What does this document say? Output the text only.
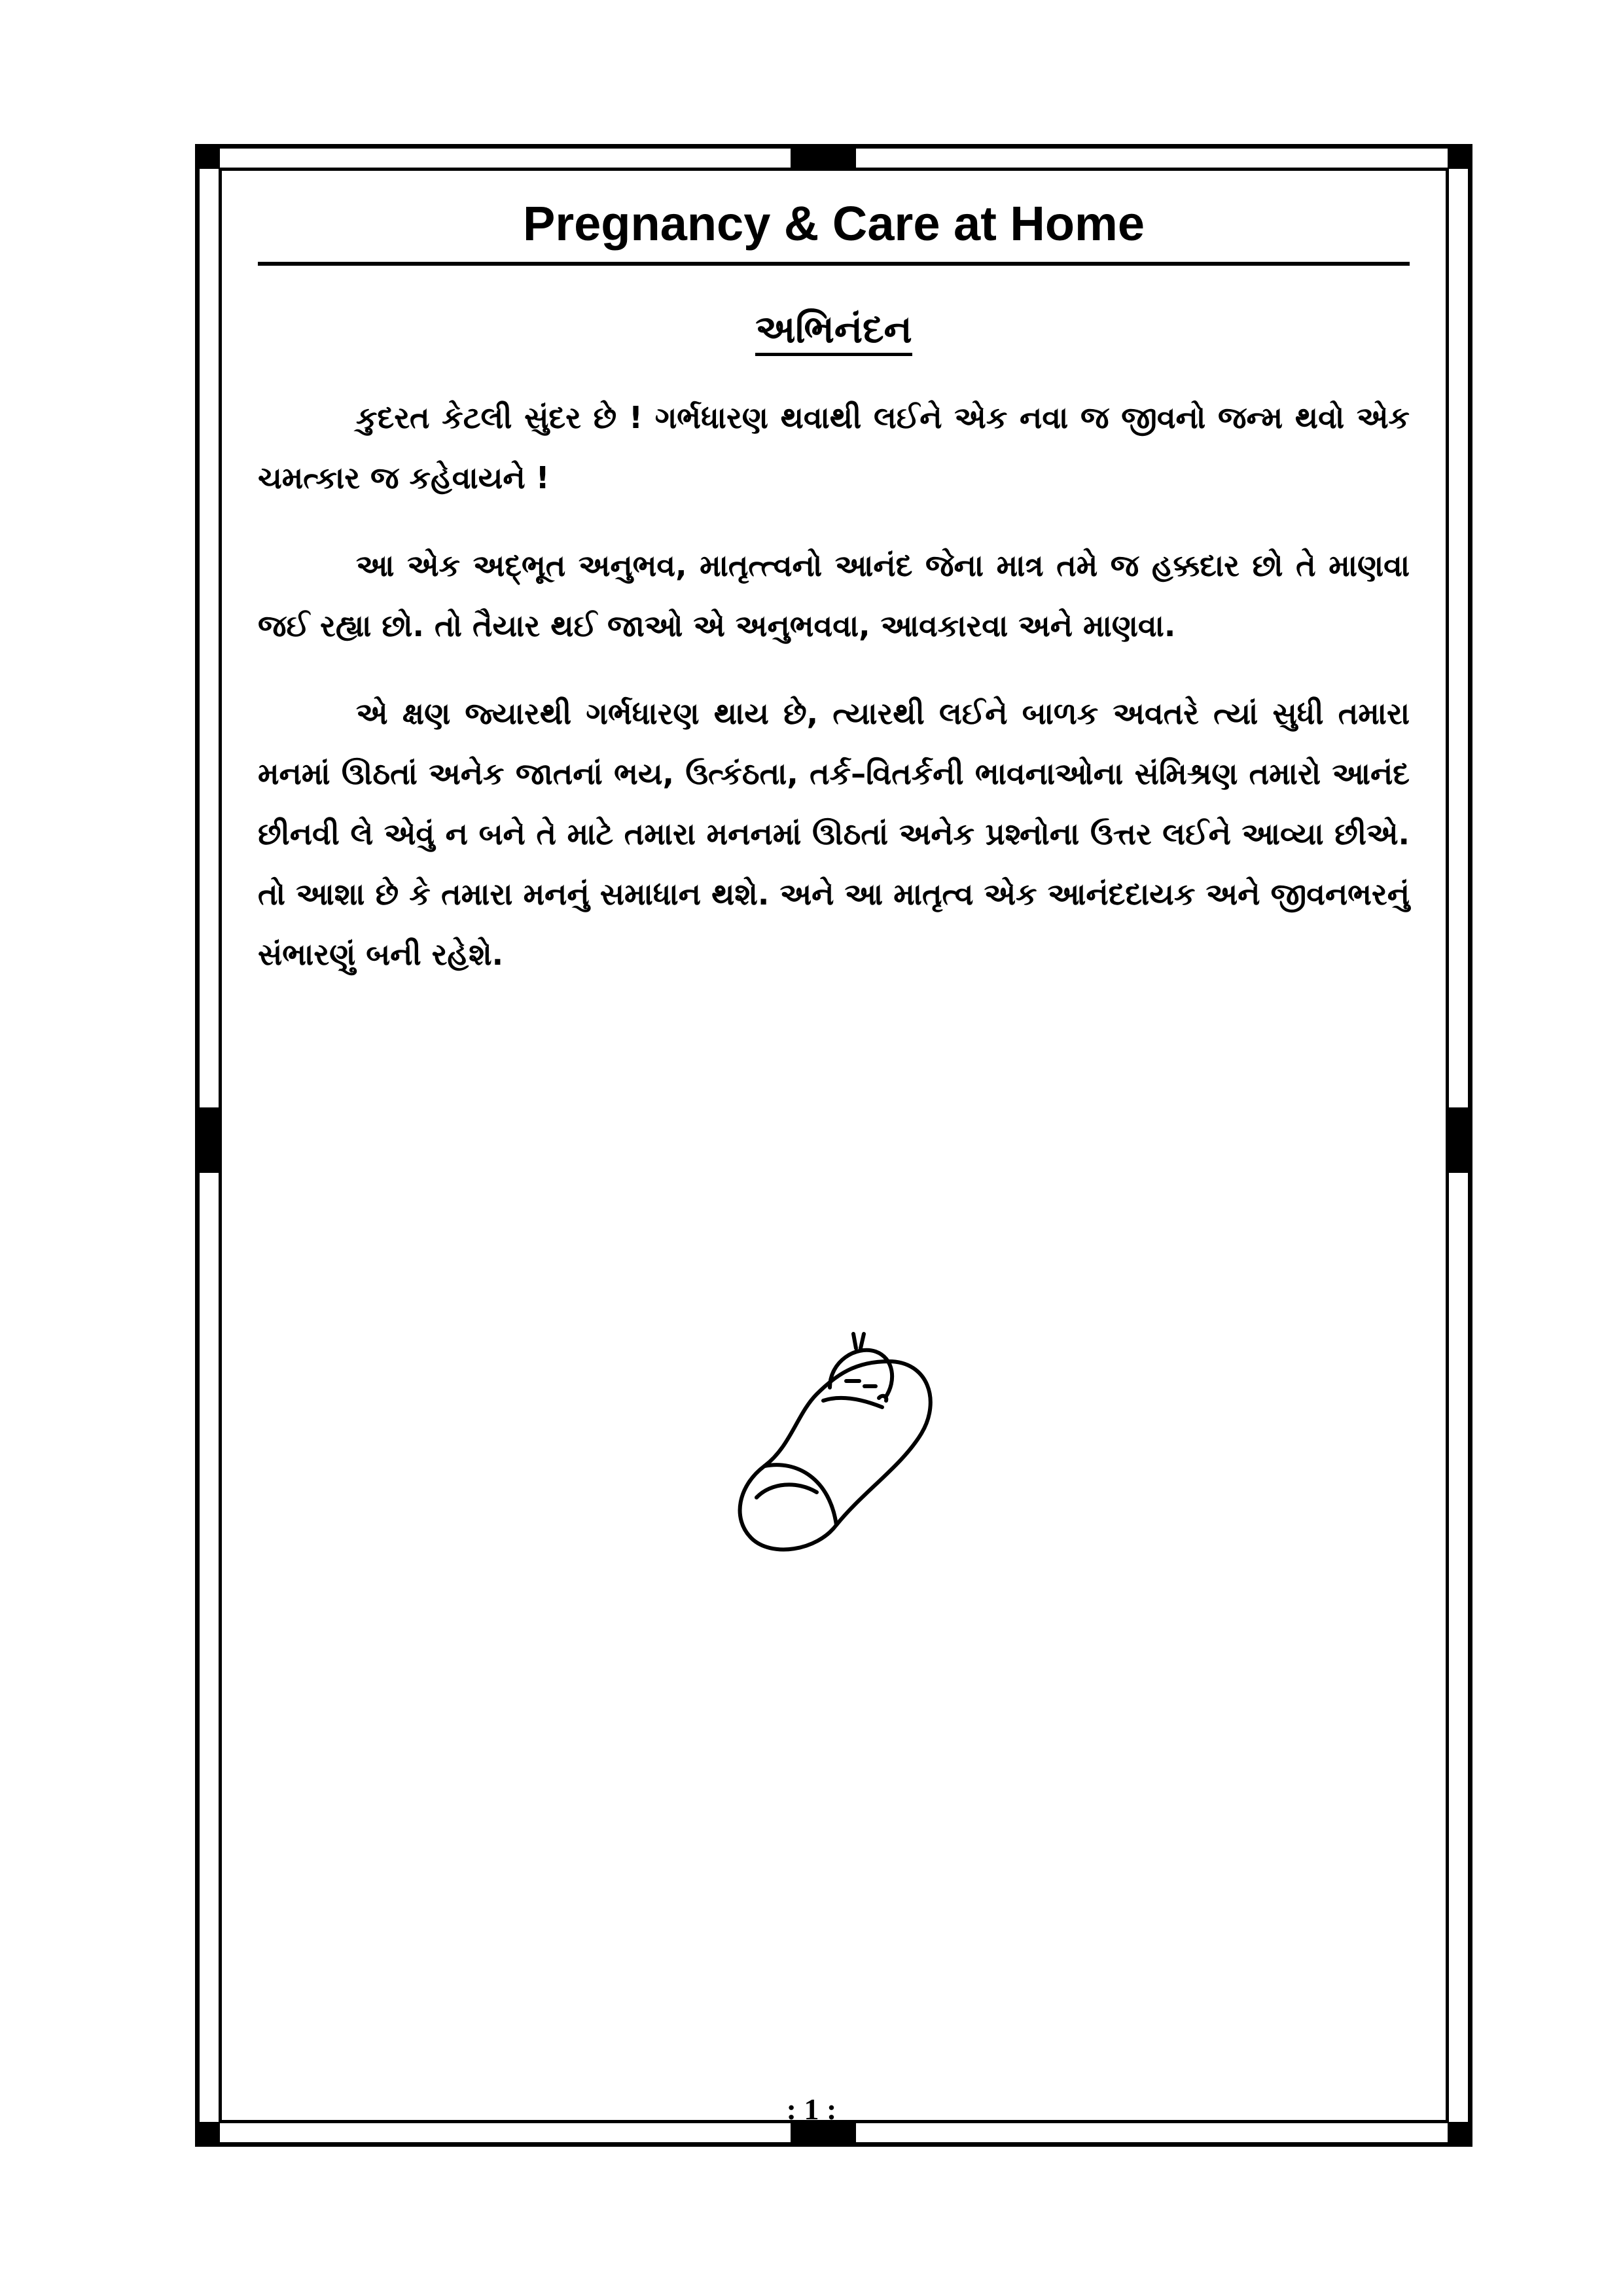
Pregnancy & Care at Home
અભિનંદન

કુદરત કેટલી સુંદર છે ! ગર્ભધારણ થવાથી લઈને એક નવા જ જીવનો જન્મ થવો એક ચમત્કાર જ કહેવાયને !

આ એક અદ્‌ભૂત અનુભવ, માતૃત્ત્વનો આનંદ જેના માત્ર તમે જ હક્કદાર છો તે માણવા જઈ રહ્યા છો. તો તૈયાર થઈ જાઓ એ અનુભવવા, આવકારવા અને માણવા.

એ ક્ષણ જ્યારથી ગર્ભધારણ થાય છે, ત્યારથી લઈને બાળક અવતરે ત્યાં સુધી તમારા મનમાં ઊઠતાં અનેક જાતનાં ભય, ઉત્કંઠતા, તર્ક–વિતર્કની ભાવનાઓના સંમિશ્રણ તમારો આનંદ છીનવી લે એવું ન બને તે માટે તમારા મનનમાં ઊઠતાં અનેક પ્રશ્નોના ઉત્તર લઈને આવ્યા છીએ. તો આશા છે કે તમારા મનનું સમાધાન થશે. અને આ માતૃત્વ એક આનંદદાયક અને જીવનભરનું સંભારણું બની રહેશે.

: 1 :
